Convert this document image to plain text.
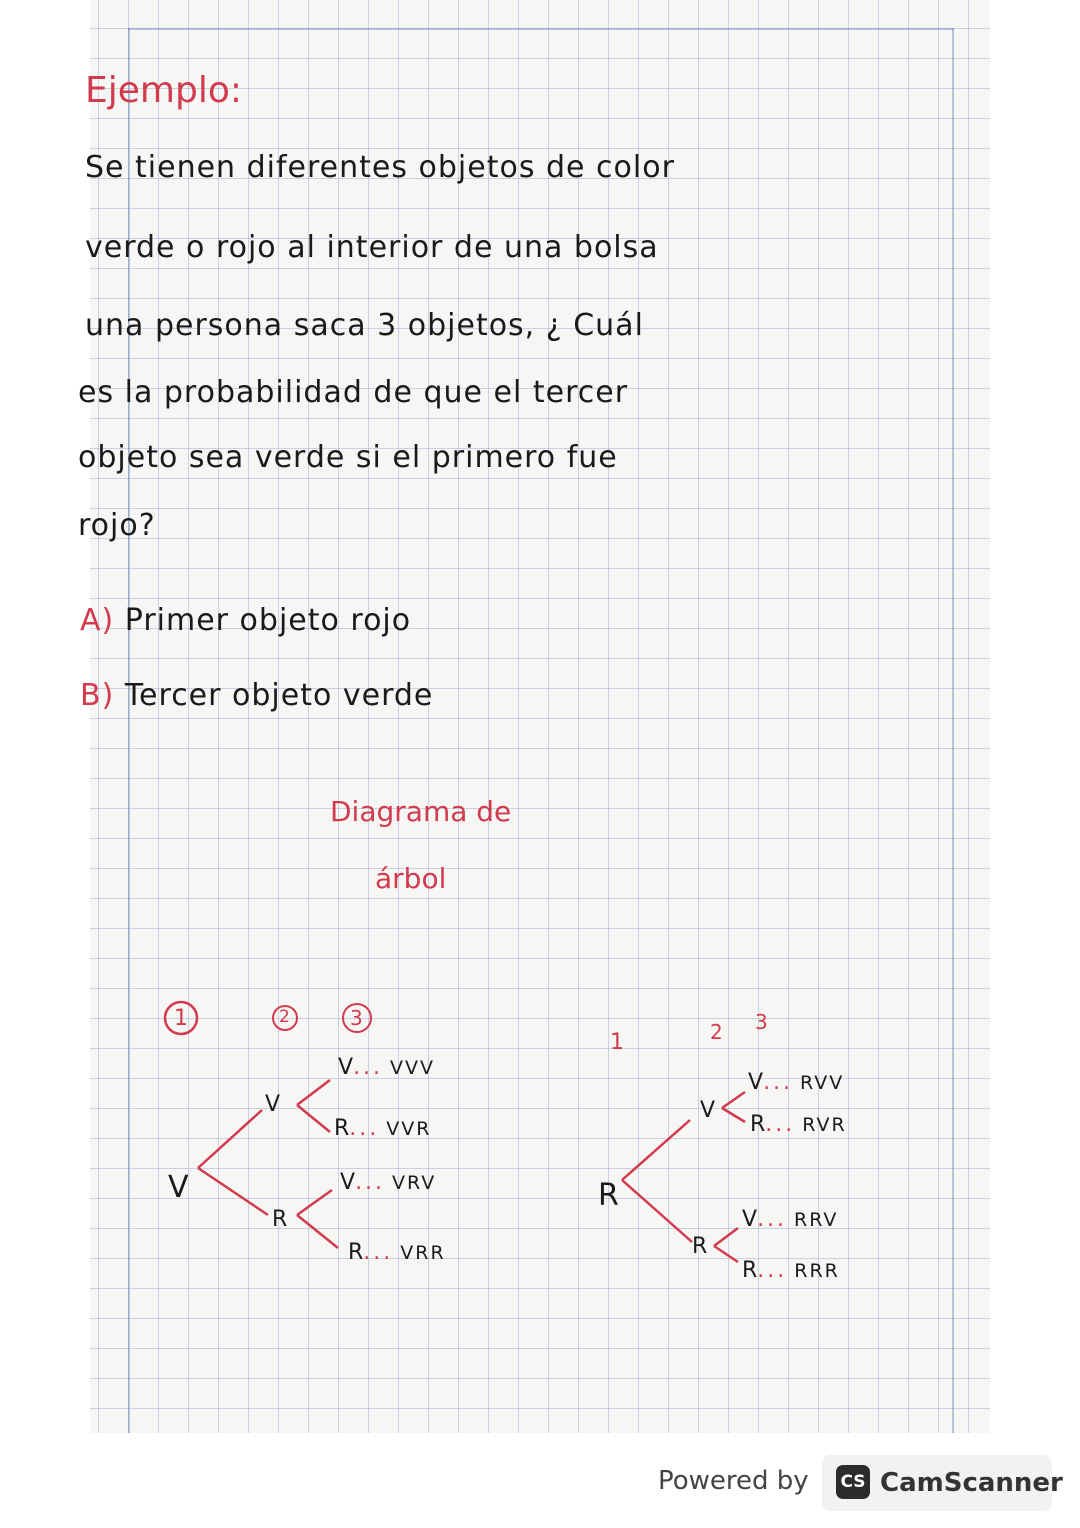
Ejemplo:
Se tienen diferentes objetos de color
verde o rojo al interior de una bolsa
una persona saca 3 objetos, ¿ Cuál
es la probabilidad de que el tercer
objeto sea verde si el primero fue
rojo?
A) Primer objeto rojo
B) Tercer objeto verde
Diagrama de
árbol
1	2	3
V
V
R
V... VVV
R... VVR
V... VRV
R... VRR
1	2 3
R
V
R
V... RVV
R... RVR
V... RRV
R... RRR
Powered by CS CamScanner
